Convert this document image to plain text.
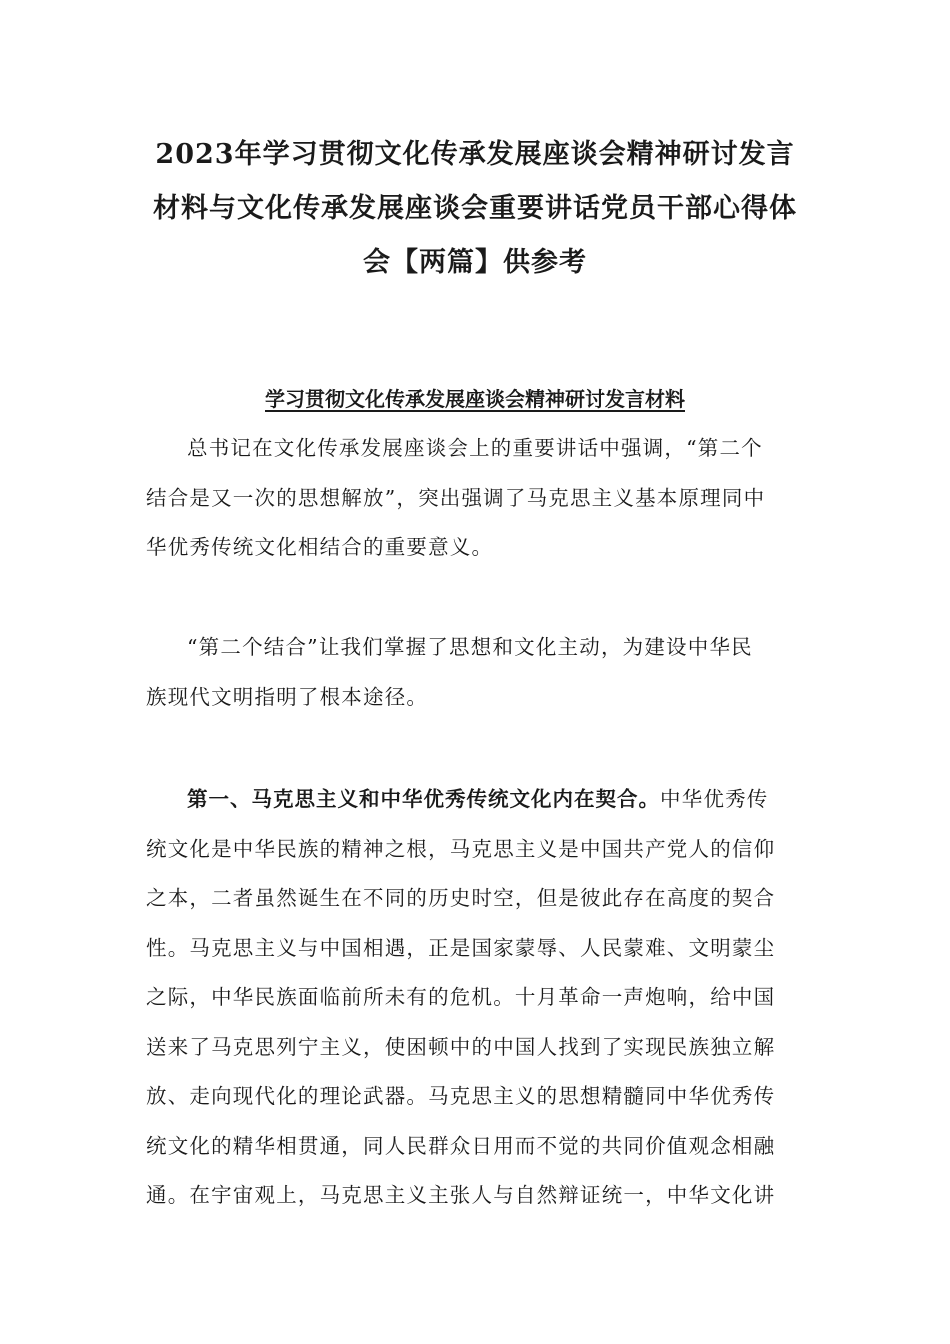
2023年学习贯彻文化传承发展座谈会精神研讨发言
材料与文化传承发展座谈会重要讲话党员干部心得体
会【两篇】供参考
学习贯彻文化传承发展座谈会精神研讨发言材料

总书记在文化传承发展座谈会上的重要讲话中强调，“第二个
结合是又一次的思想解放”，突出强调了马克思主义基本原理同中
华优秀传统文化相结合的重要意义。

“第二个结合”让我们掌握了思想和文化主动，为建设中华民
族现代文明指明了根本途径。

第一、马克思主义和中华优秀传统文化内在契合。中华优秀传
统文化是中华民族的精神之根，马克思主义是中国共产党人的信仰
之本，二者虽然诞生在不同的历史时空，但是彼此存在高度的契合
性。马克思主义与中国相遇，正是国家蒙辱、人民蒙难、文明蒙尘
之际，中华民族面临前所未有的危机。十月革命一声炮响，给中国
送来了马克思列宁主义，使困顿中的中国人找到了实现民族独立解
放、走向现代化的理论武器。马克思主义的思想精髓同中华优秀传
统文化的精华相贯通，同人民群众日用而不觉的共同价值观念相融
通。在宇宙观上，马克思主义主张人与自然辩证统一，中华文化讲
